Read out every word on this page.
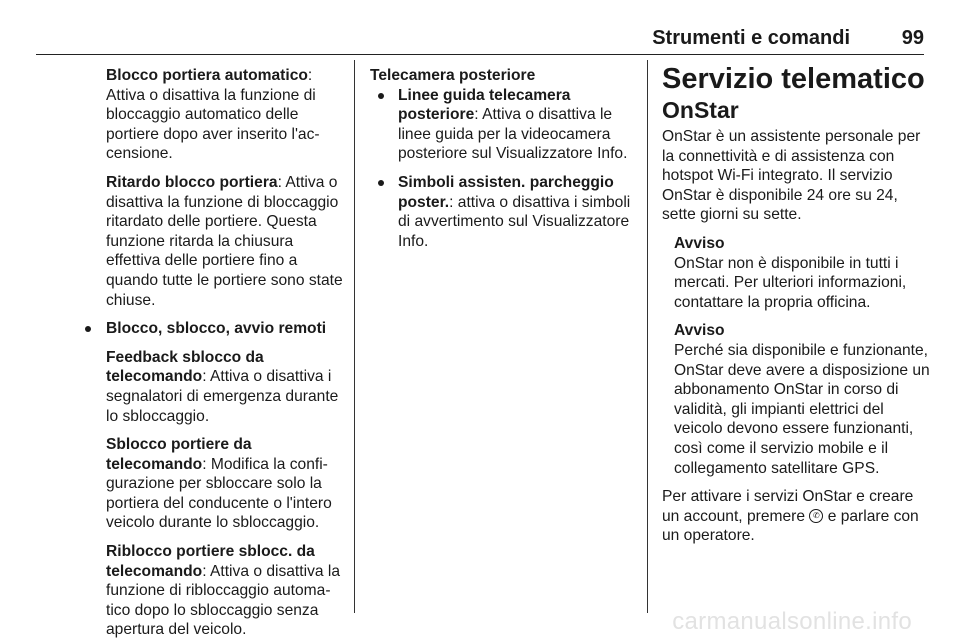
Strumenti e comandi	99

Blocco portiera automatico: Attiva o disattiva la funzione di bloccaggio automatico delle portiere dopo aver inserito l'accensione.

Ritardo blocco portiera: Attiva o disattiva la funzione di bloccaggio ritardato delle portiere. Questa funzione ritarda la chiusura effettiva delle portiere fino a quando tutte le portiere sono state chiuse.

Blocco, sblocco, avvio remoti

Feedback sblocco da telecomando: Attiva o disattiva i segnalatori di emergenza durante lo sbloccaggio.

Sblocco portiere da telecomando: Modifica la configurazione per sbloccare solo la portiera del conducente o l'intero veicolo durante lo sbloccaggio.

Riblocco portiere sblocc. da telecomando: Attiva o disattiva la funzione di ribloccaggio automatico dopo lo sbloccaggio senza apertura del veicolo.

Telecamera posteriore

Linee guida telecamera posteriore: Attiva o disattiva le linee guida per la videocamera posteriore sul Visualizzatore Info.

Simboli assisten. parcheggio poster.: attiva o disattiva i simboli di avvertimento sul Visualizzatore Info.

Servizio telematico

OnStar

OnStar è un assistente personale per la connettività e di assistenza con hotspot Wi-Fi integrato. Il servizio OnStar è disponibile 24 ore su 24, sette giorni su sette.

Avviso

OnStar non è disponibile in tutti i mercati. Per ulteriori informazioni, contattare la propria officina.

Avviso

Perché sia disponibile e funzionante, OnStar deve avere a disposizione un abbonamento OnStar in corso di validità, gli impianti elettrici del veicolo devono essere funzionanti, così come il servizio mobile e il collegamento satellitare GPS.

Per attivare i servizi OnStar e creare un account, premere ✆ e parlare con un operatore.

carmanualsonline.info
